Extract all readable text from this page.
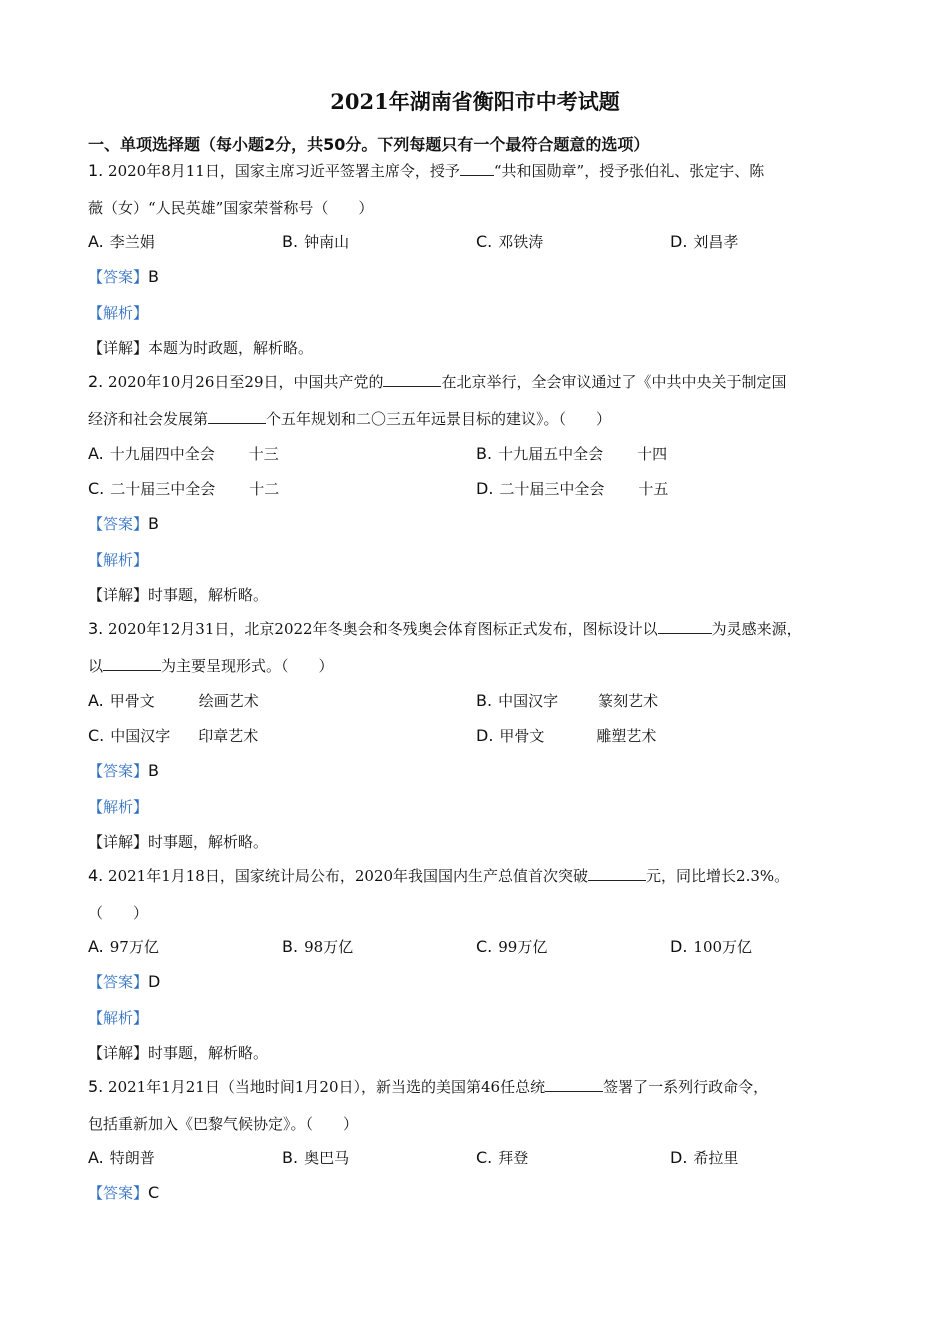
2021年湖南省衡阳市中考试题
一、单项选择题（每小题2分，共50分。下列每题只有一个最符合题意的选项）
1. 2020年8月11日，国家主席习近平签署主席令，授予 “共和国勋章”，授予张伯礼、张定宇、陈
薇（女）“人民英雄”国家荣誉称号（　　）
A. 李兰娟	B. 钟南山	C. 邓铁涛	D. 刘昌孝
【答案】B
【解析】
【详解】本题为时政题，解析略。
2. 2020年10月26日至29日，中国共产党的	在北京举行，全会审议通过了《中共中央关于制定国
经济和社会发展第	个五年规划和二〇三五年远景目标的建议》。（　　）
A. 十九届四中全会 十三	B. 十九届五中全会 十四
C. 二十届三中全会 十二	D. 二十届三中全会 十五
【答案】B
【解析】
【详解】时事题，解析略。
3. 2020年12月31日，北京2022年冬奥会和冬残奥会体育图标正式发布，图标设计以	为灵感来源，
以	为主要呈现形式。（　　）
A. 甲骨文	绘画艺术	B. 中国汉字	篆刻艺术
C. 中国汉字 印章艺术	D. 甲骨文	雕塑艺术
【答案】B
【解析】
【详解】时事题，解析略。
4. 2021年1月18日，国家统计局公布，2020年我国国内生产总值首次突破	元，同比增长2.3%。
（　　）
A. 97万亿	B. 98万亿	C. 99万亿	D. 100万亿
【答案】D
【解析】
【详解】时事题，解析略。
5. 2021年1月21日（当地时间1月20日），新当选的美国第46任总统	签署了一系列行政命令，
包括重新加入《巴黎气候协定》。（　　）
A. 特朗普	B. 奥巴马	C. 拜登	D. 希拉里
【答案】C
